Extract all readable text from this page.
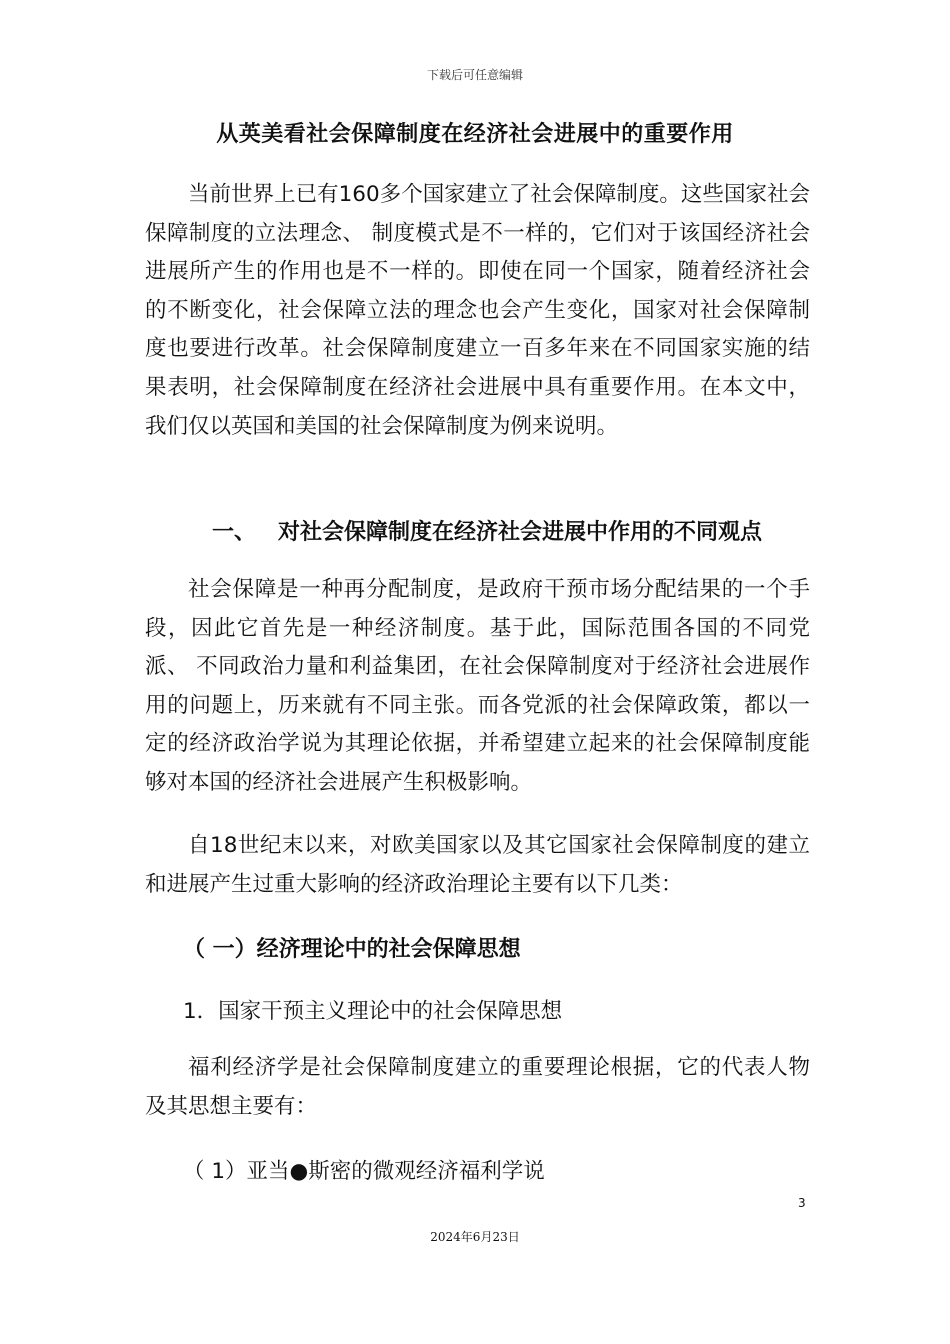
下载后可任意编辑
从英美看社会保障制度在经济社会进展中的重要作用

当前世界上已有160多个国家建立了社会保障制度。这些国家社会保障制度的立法理念、 制度模式是不一样的，它们对于该国经济社会进展所产生的作用也是不一样的。即使在同一个国家，随着经济社会的不断变化，社会保障立法的理念也会产生变化，国家对社会保障制度也要进行改革。社会保障制度建立一百多年来在不同国家实施的结果表明，社会保障制度在经济社会进展中具有重要作用。在本文中，我们仅以英国和美国的社会保障制度为例来说明。

一、 对社会保障制度在经济社会进展中作用的不同观点

社会保障是一种再分配制度，是政府干预市场分配结果的一个手段，因此它首先是一种经济制度。基于此，国际范围各国的不同党派、 不同政治力量和利益集团，在社会保障制度对于经济社会进展作用的问题上，历来就有不同主张。而各党派的社会保障政策，都以一定的经济政治学说为其理论依据，并希望建立起来的社会保障制度能够对本国的经济社会进展产生积极影响。

自18世纪末以来，对欧美国家以及其它国家社会保障制度的建立和进展产生过重大影响的经济政治理论主要有以下几类：

（ 一）经济理论中的社会保障思想
1．国家干预主义理论中的社会保障思想

福利经济学是社会保障制度建立的重要理论根据，它的代表人物及其思想主要有：

（ 1）亚当●斯密的微观经济福利学说
3
2024年6月23日
